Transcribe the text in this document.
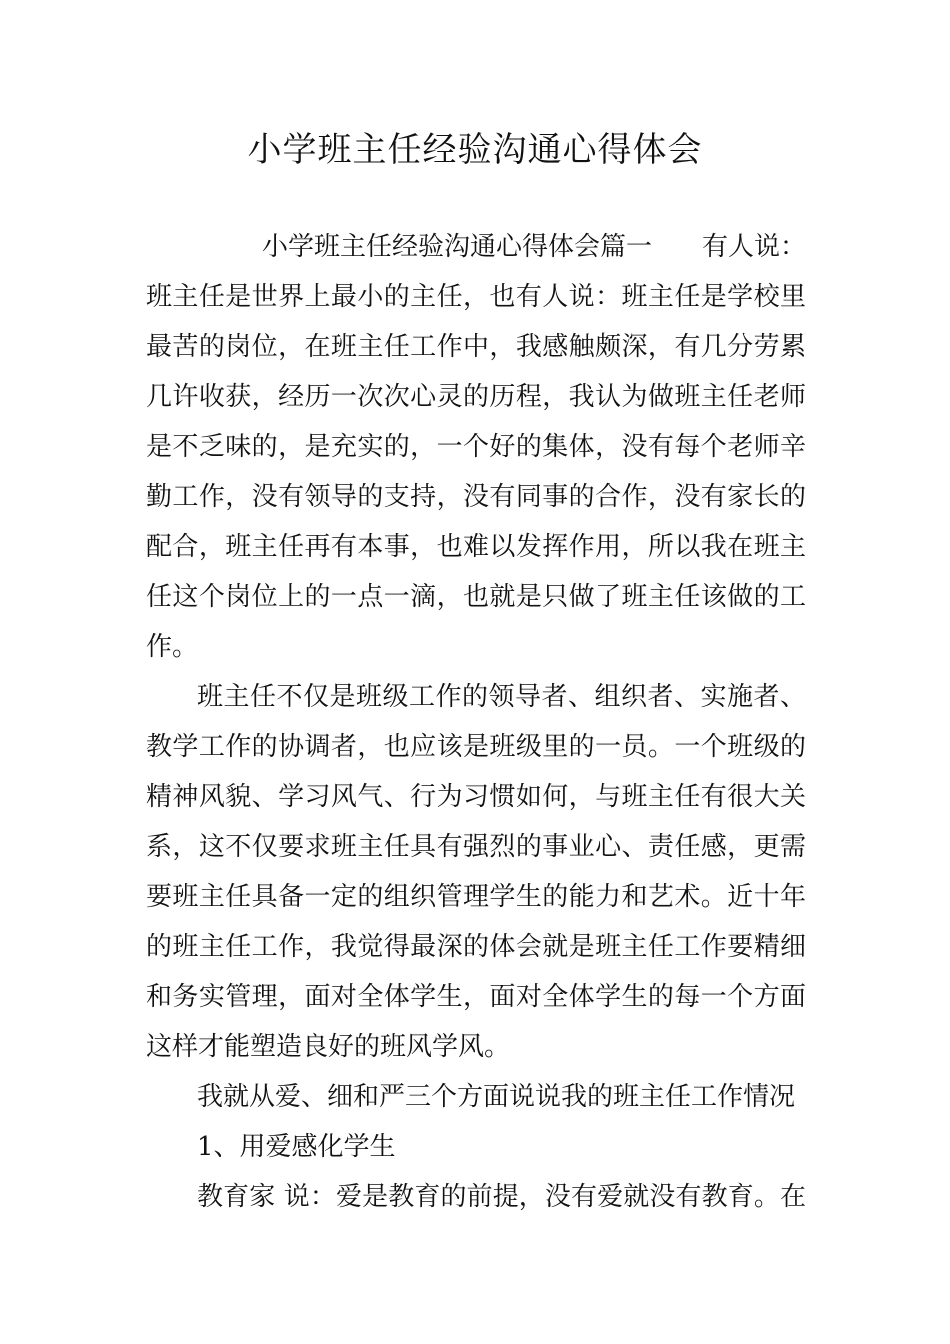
小学班主任经验沟通心得体会

小学班主任经验沟通心得体会篇一 有人说：

班主任是世界上最小的主任，也有人说：班主任是学校里

最苦的岗位，在班主任工作中，我感触颇深，有几分劳累

几许收获，经历一次次心灵的历程，我认为做班主任老师

是不乏味的，是充实的，一个好的集体，没有每个老师辛

勤工作，没有领导的支持，没有同事的合作，没有家长的

配合，班主任再有本事，也难以发挥作用，所以我在班主

任这个岗位上的一点一滴，也就是只做了班主任该做的工

作。

班主任不仅是班级工作的领导者、组织者、实施者、

教学工作的协调者，也应该是班级里的一员。一个班级的

精神风貌、学习风气、行为习惯如何，与班主任有很大关

系，这不仅要求班主任具有强烈的事业心、责任感，更需

要班主任具备一定的组织管理学生的能力和艺术。近十年

的班主任工作，我觉得最深的体会就是班主任工作要精细

和务实管理，面对全体学生，面对全体学生的每一个方面

这样才能塑造良好的班风学风。

我就从爱、细和严三个方面说说我的班主任工作情况

1、用爱感化学生

教育家 说：爱是教育的前提，没有爱就没有教育。在
